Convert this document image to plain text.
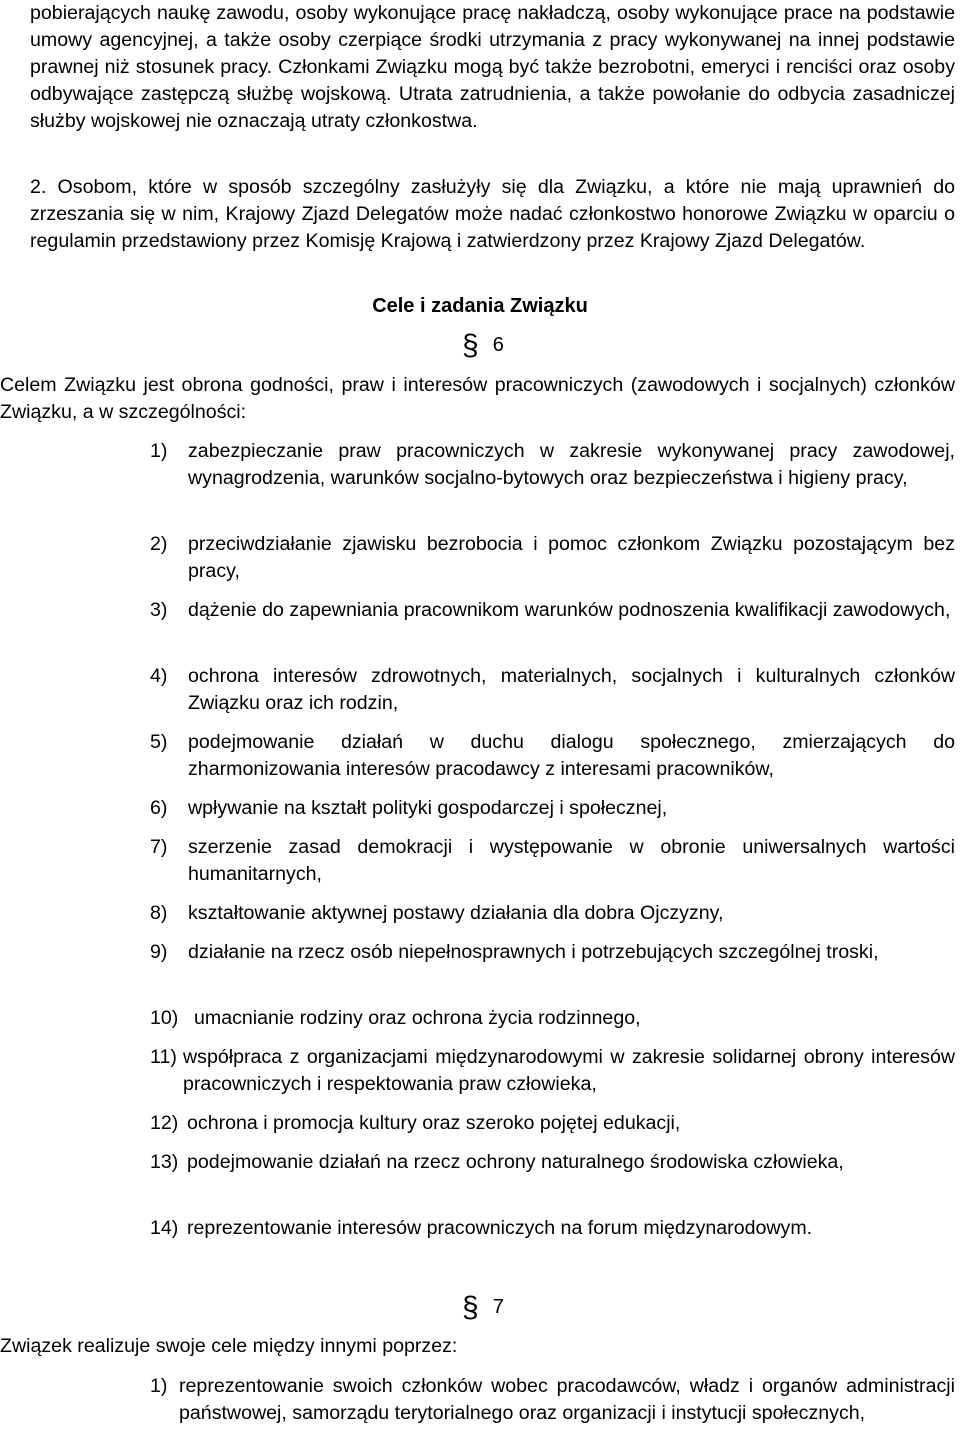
pobierających naukę zawodu, osoby wykonujące pracę nakładczą, osoby wykonujące prace na podstawie umowy agencyjnej, a także osoby czerpiące środki utrzymania z pracy wykonywanej na innej podstawie prawnej niż stosunek pracy. Członkami Związku mogą być także bezrobotni, emeryci i renciści oraz osoby odbywające zastępczą służbę wojskową. Utrata zatrudnienia, a także powołanie do odbycia zasadniczej służby wojskowej nie oznaczają utraty członkostwa.

2. Osobom, które w sposób szczególny zasłużyły się dla Związku, a które nie mają uprawnień do zrzeszania się w nim, Krajowy Zjazd Delegatów może nadać członkostwo honorowe Związku w oparciu o regulamin przedstawiony przez Komisję Krajową i zatwierdzony przez Krajowy Zjazd Delegatów.

Cele i zadania Związku

§ 6

Celem Związku jest obrona godności, praw i interesów pracowniczych (zawodowych i socjalnych) członków Związku, a w szczególności:

1)	zabezpieczanie praw pracowniczych w zakresie wykonywanej pracy zawodowej, wynagrodzenia, warunków socjalno-bytowych oraz bezpieczeństwa i higieny pracy,
2)	przeciwdziałanie zjawisku bezrobocia i pomoc członkom Związku pozostającym bez pracy,
3)	dążenie do zapewniania pracownikom warunków podnoszenia kwalifikacji zawodowych,
4)	ochrona interesów zdrowotnych, materialnych, socjalnych i kulturalnych członków Związku oraz ich rodzin,
5)	podejmowanie działań w duchu dialogu społecznego, zmierzających do zharmonizowania interesów pracodawcy z interesami pracowników,
6)	wpływanie na kształt polityki gospodarczej i społecznej,
7)	szerzenie zasad demokracji i występowanie w obronie uniwersalnych wartości humanitarnych,
8)	kształtowanie aktywnej postawy działania dla dobra Ojczyzny,
9)	działanie na rzecz osób niepełnosprawnych i potrzebujących szczególnej troski,
10) umacnianie rodziny oraz ochrona życia rodzinnego,
11) współpraca z organizacjami międzynarodowymi w zakresie solidarnej obrony interesów pracowniczych i respektowania praw człowieka,
12) ochrona i promocja kultury oraz szeroko pojętej edukacji,
13) podejmowanie działań na rzecz ochrony naturalnego środowiska człowieka,
14) reprezentowanie interesów pracowniczych na forum międzynarodowym.
§ 7

Związek realizuje swoje cele między innymi poprzez:

1) reprezentowanie swoich członków wobec pracodawców, władz i organów administracji państwowej, samorządu terytorialnego oraz organizacji i instytucji społecznych,
